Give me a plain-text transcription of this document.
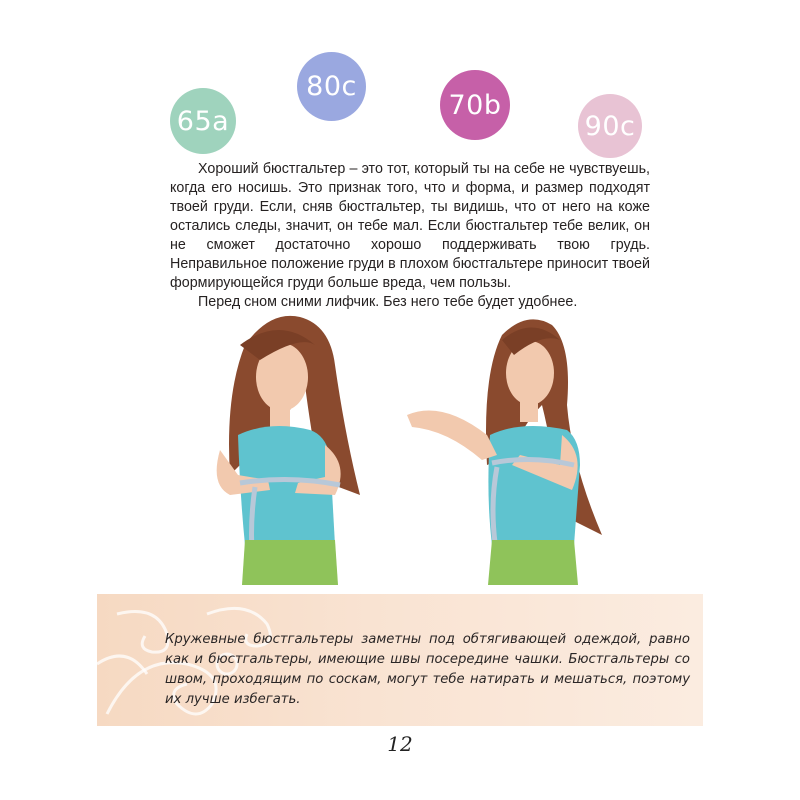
65a
80c
70b
90c

Хороший бюстгальтер – это тот, который ты на себе не чувствуешь, когда его носишь. Это признак того, что и форма, и размер подходят твоей груди. Если, сняв бюстгальтер, ты видишь, что от него на коже остались следы, значит, он тебе мал. Если бюстгальтер тебе велик, он не сможет достаточно хорошо поддерживать твою грудь. Неправильное положение груди в плохом бюстгальтере приносит твоей формирующейся груди больше вреда, чем пользы.

Перед сном сними лифчик. Без него тебе будет удобнее.

Кружевные бюстгальтеры заметны под обтягивающей одеждой, равно как и бюстгальтеры, имеющие швы посередине чашки. Бюстгальтеры со швом, проходящим по соскам, могут тебе натирать и мешаться, поэтому их лучше избегать.

12
